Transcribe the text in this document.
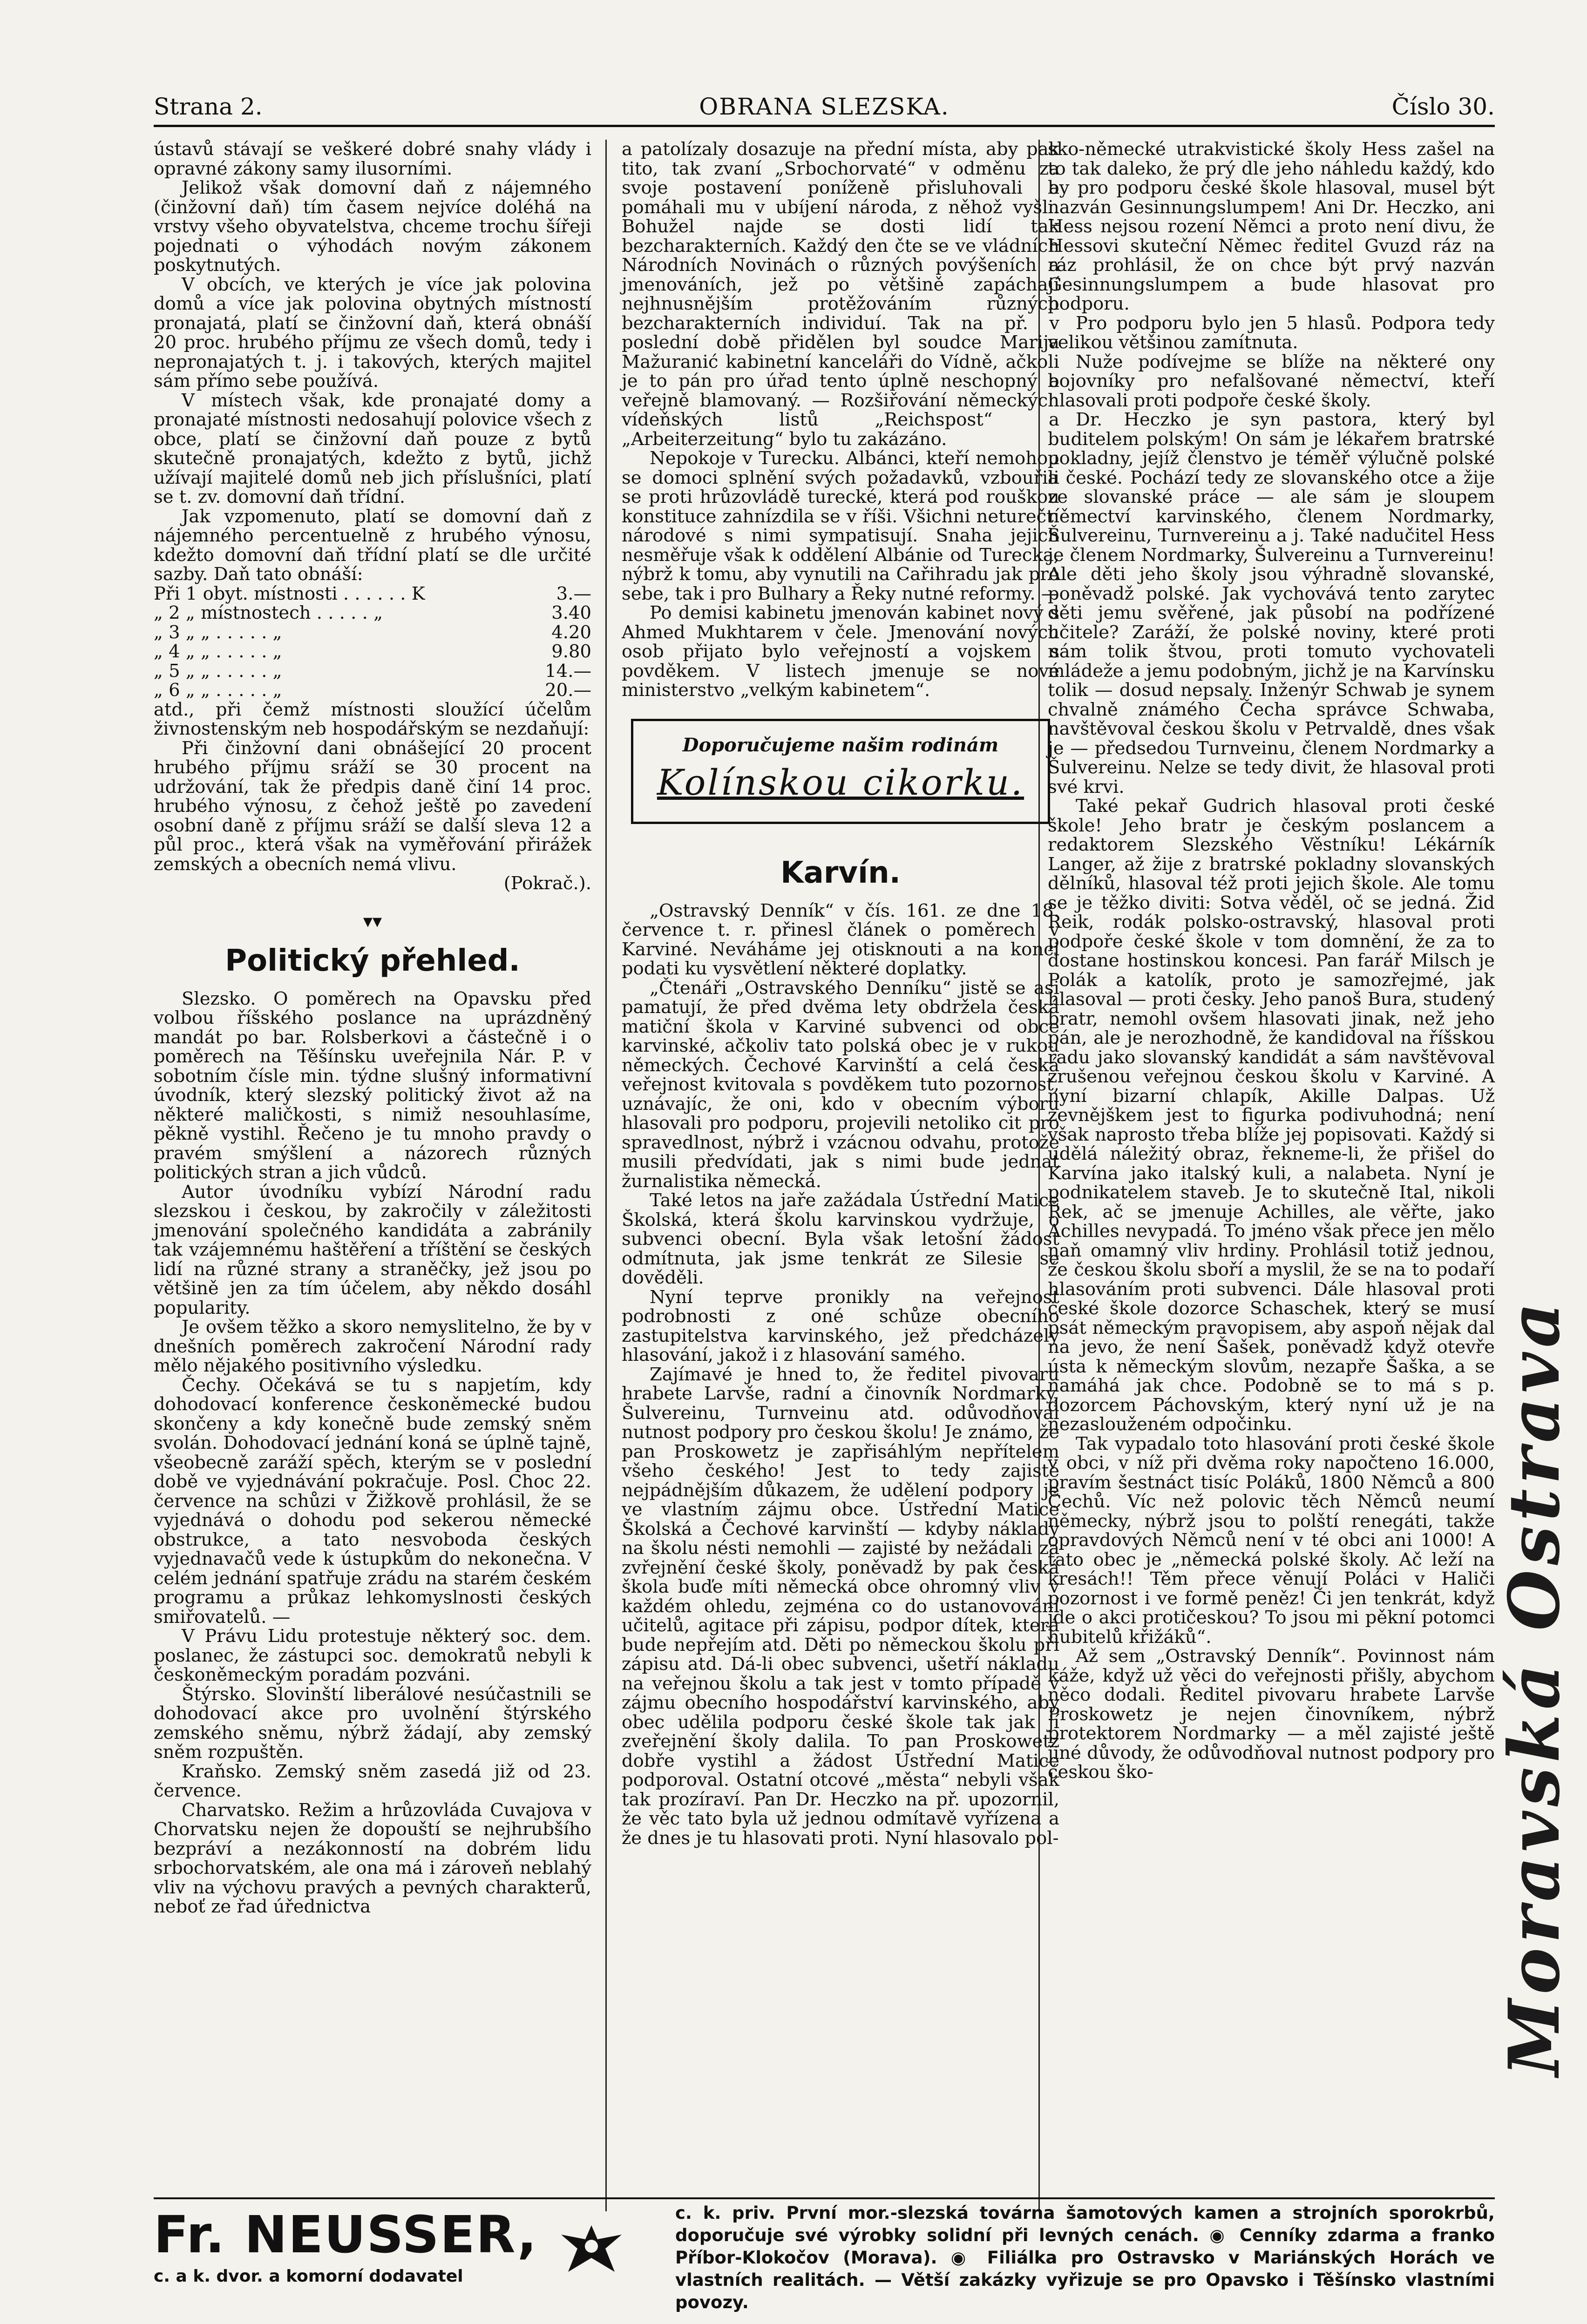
Strana 2.	OBRANA SLEZSKA.	Číslo 30.

ústavů stávají se veškeré dobré snahy vlády i opravné zákony samy ilusorními.

Jelikož však domovní daň z nájemného (činžovní daň) tím časem nejvíce doléhá na vrstvy všeho obyvatelstva, chceme trochu šířeji pojednati o výhodách novým zákonem poskytnutých.

V obcích, ve kterých je více jak polovina domů a více jak polovina obytných místností pronajatá, platí se činžovní daň, která obnáší 20 proc. hrubého příjmu ze všech domů, tedy i nepronajatých t. j. i takových, kterých majitel sám přímo sebe používá.

V místech však, kde pronajaté domy a pronajaté místnosti nedosahují polovice všech z obce, platí se činžovní daň pouze z bytů skutečně pronajatých, kdežto z bytů, jichž užívají majitelé domů neb jich příslušníci, platí se t. zv. domovní daň třídní.

Jak vzpomenuto, platí se domovní daň z nájemného percentuelně z hrubého výnosu, kdežto domovní daň třídní platí se dle určité sazby. Daň tato obnáší:

Při 1 obyt. místnosti . . . . . . K	3.—
„ 2 „ místnostech . . . . . „	3.40
„ 3 „ „ . . . . . „	4.20
„ 4 „ „ . . . . . „	9.80
„ 5 „ „ . . . . . „	14.—
„ 6 „ „ . . . . . „	20.—

atd., při čemž místnosti sloužící účelům živnostenským neb hospodářským se nezdaňují:

Při činžovní dani obnášející 20 procent hrubého příjmu sráží se 30 procent na udržování, tak že předpis daně činí 14 proc. hrubého výnosu, z čehož ještě po zavedení osobní daně z příjmu sráží se další sleva 12 a půl proc., která však na vyměřování přirážek zemských a obecních nemá vlivu.

(Pokrač.).
▾▾
Politický přehled.

Slezsko. O poměrech na Opavsku před volbou říšského poslance na uprázdněný mandát po bar. Rolsberkovi a částečně i o poměrech na Těšínsku uveřejnila Nár. P. v sobotním čísle min. týdne slušný informativní úvodník, který slezský politický život až na některé maličkosti, s nimiž nesouhlasíme, pěkně vystihl. Řečeno je tu mnoho pravdy o pravém smýšlení a názorech různých politických stran a jich vůdců.

Autor úvodníku vybízí Národní radu slezskou i českou, by zakročily v záležitosti jmenování společného kandidáta a zabránily tak vzájemnému haštěření a tříštění se českých lidí na různé strany a straněčky, jež jsou po většině jen za tím účelem, aby někdo dosáhl popularity.

Je ovšem těžko a skoro nemyslitelno, že by v dnešních poměrech zakročení Národní rady mělo nějakého positivního výsledku.

Čechy. Očekává se tu s napjetím, kdy dohodovací konference českoněmecké budou skončeny a kdy konečně bude zemský sněm svolán. Dohodovací jednání koná se úplně tajně, všeobecně zaráží spěch, kterým se v poslední době ve vyjednávání pokračuje. Posl. Choc 22. července na schůzi v Žižkově prohlásil, že se vyjednává o dohodu pod sekerou německé obstrukce, a tato nesvoboda českých vyjednavačů vede k ústupkům do nekonečna. V celém jednání spatřuje zrádu na starém českém programu a průkaz lehkomyslnosti českých smiřovatelů. —

V Právu Lidu protestuje některý soc. dem. poslanec, že zástupci soc. demokratů nebyli k českoněmeckým poradám pozváni.

Štýrsko. Slovinští liberálové nesúčastnili se dohodovací akce pro uvolnění štýrského zemského sněmu, nýbrž žádají, aby zemský sněm rozpuštěn.

Kraňsko. Zemský sněm zasedá již od 23. července.

Charvatsko. Režim a hrůzovláda Cuvajova v Chorvatsku nejen že dopouští se nejhrubšího bezpráví a nezákonností na dobrém lidu srbochorvatském, ale ona má i zároveň neblahý vliv na výchovu pravých a pevných charakterů, neboť ze řad úřednictva

a patolízaly dosazuje na přední místa, aby pak tito, tak zvaní „Srbochorvaté“ v odměnu za svoje postavení poníženě přisluhovali a pomáhali mu v ubíjení národa, z něhož vyšli. Bohužel najde se dosti lidí tak bezcharakterních. Každý den čte se ve vládních Národních Novinách o různých povýšeních a jmenováních, jež po většině zapáchají nejhnusnějším protěžováním různých bezcharakterních individuí. Tak na př. v poslední době přidělen byl soudce Marija Mažuranić kabinetní kanceláři do Vídně, ačkoli je to pán pro úřad tento úplně neschopný a veřejně blamovaný. — Rozšiřování německých vídeňských listů „Reichspost“ a „Arbeiterzeitung“ bylo tu zakázáno.

Nepokoje v Turecku. Albánci, kteří nemohou se domoci splnění svých požadavků, vzbouřili se proti hrůzovládě turecké, která pod rouškou konstituce zahnízdila se v říši. Všichni neturečtí národové s nimi sympatisují. Snaha jejich nesměřuje však k oddělení Albánie od Turecka, nýbrž k tomu, aby vynutili na Cařihradu jak pro sebe, tak i pro Bulhary a Řeky nutné reformy. —

Po demisi kabinetu jmenován kabinet nový s Ahmed Mukhtarem v čele. Jmenování nových osob přijato bylo veřejností a vojskem s povděkem. V listech jmenuje se nové ministerstvo „velkým kabinetem“.

Doporučujeme našim rodinám
Kolínskou cikorku.
Karvín.

„Ostravský Denník“ v čís. 161. ze dne 18. července t. r. přinesl článek o poměrech v Karviné. Neváháme jej otisknouti a na konci podati ku vysvětlení některé doplatky.

„Čtenáři „Ostravského Denníku“ jistě se asi pamatují, že před dvěma lety obdržela česká matiční škola v Karviné subvenci od obce karvinské, ačkoliv tato polská obec je v rukou německých. Čechové Karvinští a celá česká veřejnost kvitovala s povděkem tuto pozornost, uznávajíc, že oni, kdo v obecním výboru hlasovali pro podporu, projevili netoliko cit pro spravedlnost, nýbrž i vzácnou odvahu, protože musili předvídati, jak s nimi bude jednat žurnalistika německá.

Také letos na jaře zažádala Ústřední Matice Školská, která školu karvinskou vydržuje, o subvenci obecní. Byla však letošní žádost odmítnuta, jak jsme tenkrát ze Silesie se dověděli.

Nyní teprve pronikly na veřejnost podrobnosti z oné schůze obecního zastupitelstva karvinského, jež předcházely hlasování, jakož i z hlasování samého.

Zajímavé je hned to, že ředitel pivovaru hrabete Larvše, radní a činovník Nordmarky, Šulvereinu, Turnveinu atd. odůvodňoval nutnost podpory pro českou školu! Je známo, že pan Proskowetz je zapřisáhlým nepřítelem všeho českého! Jest to tedy zajisté nejpádnějším důkazem, že udělení podpory je ve vlastním zájmu obce. Ústřední Matice Školská a Čechové karvinští — kdyby náklady na školu nésti nemohli — zajisté by nežádali za zvřejnění české školy, poněvadž by pak česká škola buďe míti německá obce ohromný vliv v každém ohledu, zejména co do ustanovování učitelů, agitace při zápisu, podpor dítek, která bude nepřejím atd. Děti po německou školu při zápisu atd. Dá-li obec subvenci, ušetří nákladu na veřejnou školu a tak jest v tomto případě v zájmu obecního hospodářství karvinského, aby obec udělila podporu české škole tak jak jí zveřejnění školy dalila. To pan Proskowetz dobře vystihl a žádost Ústřední Matice podporoval. Ostatní otcové „města“ nebyli však tak prozíraví. Pan Dr. Heczko na př. upozornil, že věc tato byla už jednou odmítavě vyřízena a že dnes je tu hlasovati proti. Nyní hlasovalo pol-

sko-německé utrakvistické školy Hess zašel na to tak daleko, že prý dle jeho náhledu každý, kdo by pro podporu české škole hlasoval, musel být nazván Gesinnungslumpem! Ani Dr. Heczko, ani Hess nejsou rození Němci a proto není divu, že Hessovi skuteční Němec ředitel Gvuzd ráz na ráz prohlásil, že on chce být prvý nazván Gesinnungslumpem a bude hlasovat pro podporu.

Pro podporu bylo jen 5 hlasů. Podpora tedy velikou většinou zamítnuta.

Nuže podívejme se blíže na některé ony bojovníky pro nefalšované němectví, kteří hlasovali proti podpoře české školy.

Dr. Heczko je syn pastora, který byl buditelem polským! On sám je lékařem bratrské pokladny, jejíž členstvo je téměř výlučně polské a české. Pochází tedy ze slovanského otce a žije ze slovanské práce — ale sám je sloupem němectví karvinského, členem Nordmarky, Šulvereinu, Turnvereinu a j. Také nadučitel Hess je členem Nordmarky, Šulvereinu a Turnvereinu! Ale děti jeho školy jsou výhradně slovanské, poněvadž polské. Jak vychovává tento zarytec děti jemu svěřené, jak působí na podřízené učitele? Zaráží, že polské noviny, které proti nám tolik štvou, proti tomuto vychovateli mládeže a jemu podobným, jichž je na Karvínsku tolik — dosud nepsaly. Inženýr Schwab je synem chvalně známého Čecha správce Schwaba, navštěvoval českou školu v Petrvaldě, dnes však je — předsedou Turnveinu, členem Nordmarky a Šulvereinu. Nelze se tedy divit, že hlasoval proti své krvi.

Také pekař Gudrich hlasoval proti české škole! Jeho bratr je českým poslancem a redaktorem Slezského Věstníku! Lékárník Langer, až žije z bratrské pokladny slovanských dělníků, hlasoval též proti jejich škole. Ale tomu se je těžko diviti: Sotva věděl, oč se jedná. Žid Reik, rodák polsko-ostravský, hlasoval proti podpoře české škole v tom domnění, že za to dostane hostinskou koncesi. Pan farář Milsch je Polák a katolík, proto je samozřejmé, jak hlasoval — proti česky. Jeho panoš Bura, studený bratr, nemohl ovšem hlasovati jinak, než jeho pán, ale je nerozhodně, že kandidoval na říšskou radu jako slovanský kandidát a sám navštěvoval zrušenou veřejnou českou školu v Karviné. A nyní bizarní chlapík, Akille Dalpas. Už zevnějškem jest to figurka podivuhodná; není však naprosto třeba blíže jej popisovati. Každý si udělá náležitý obraz, řekneme-li, že přišel do Karvína jako italský kuli, a nalabeta. Nyní je podnikatelem staveb. Je to skutečně Ital, nikoli Řek, ač se jmenuje Achilles, ale věřte, jako Achilles nevypadá. To jméno však přece jen mělo naň omamný vliv hrdiny. Prohlásil totiž jednou, že českou školu sboří a myslil, že se na to podaří hlasováním proti subvenci. Dále hlasoval proti české škole dozorce Schaschek, který se musí psát německým pravopisem, aby aspoň nějak dal na jevo, že není Šašek, poněvadž když otevře ústa k německým slovům, nezapře Šaška, a se namáhá jak chce. Podobně se to má s p. dozorcem Páchovským, který nyní už je na nezaslouženém odpočinku.

Tak vypadalo toto hlasování proti české škole v obci, v níž při dvěma roky napočteno 16.000, pravím šestnáct tisíc Poláků, 1800 Němců a 800 Čechů. Víc než polovic těch Němců neumí německy, nýbrž jsou to polští renegáti, takže opravdových Němců není v té obci ani 1000! A tato obec je „německá polské školy. Ač leží na kresách!! Těm přece věnují Poláci v Haliči pozornost i ve formě peněz! Či jen tenkrát, když jde o akci protičeskou? To jsou mi pěkní potomci hubitelů křižáků“.

Až sem „Ostravský Denník“. Povinnost nám káže, když už věci do veřejnosti přišly, abychom něco dodali. Ředitel pivovaru hrabete Larvše Proskowetz je nejen činovníkem, nýbrž protektorem Nordmarky — a měl zajisté ještě jiné důvody, že odůvodňoval nutnost podpory pro českou ško-	Moravská Ostrava
Fr. NEUSSER,
c. a k. dvor. a komorní dodavatel
c. k. priv. První mor.-slezská továrna šamotových kamen a strojních sporokrbů, doporučuje své výrobky solidní při levných cenách. ◉ Cenníky zdarma a franko Příbor-Klokočov (Morava). ◉ Filiálka pro Ostravsko v Mariánských Horách ve vlastních realitách. — Větší zakázky vyřizuje se pro Opavsko i Těšínsko vlastními povozy.
